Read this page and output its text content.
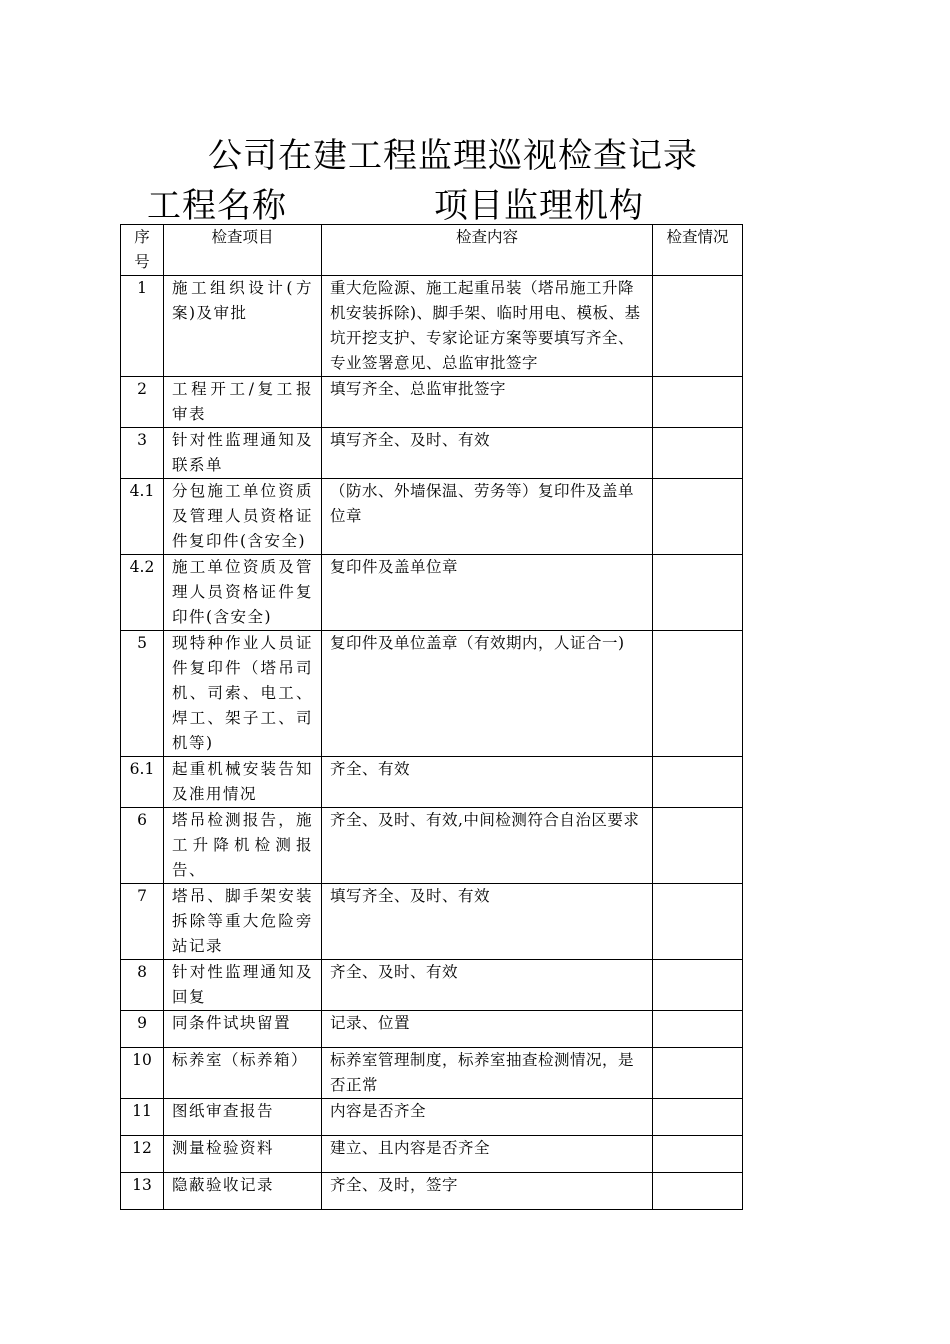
公司在建工程监理巡视检查记录
工程名称	项目监理机构
序号	检查项目	检查内容	检查情况
1	施工组织设计(方案)及审批	重大危险源、施工起重吊装（塔吊施工升降机安装拆除)、脚手架、临时用电、模板、基坑开挖支护、专家论证方案等要填写齐全、专业签署意见、总监审批签字	
2	工程开工/复工报审表	填写齐全、总监审批签字	
3	针对性监理通知及联系单	填写齐全、及时、有效	
4.1	分包施工单位资质及管理人员资格证件复印件(含安全)	（防水、外墙保温、劳务等）复印件及盖单位章	
4.2	施工单位资质及管理人员资格证件复印件(含安全)	复印件及盖单位章	
5	现特种作业人员证件复印件（塔吊司机、司索、电工、焊工、架子工、司机等)	复印件及单位盖章（有效期内，人证合一)	
6.1	起重机械安装告知及准用情况	齐全、有效	
6	塔吊检测报告，施工升降机检测报告、	齐全、及时、有效,中间检测符合自治区要求	
7	塔吊、脚手架安装拆除等重大危险旁站记录	填写齐全、及时、有效	
8	针对性监理通知及回复	齐全、及时、有效	
9	同条件试块留置	记录、位置	
10	标养室（标养箱）	标养室管理制度，标养室抽查检测情况，是否正常	
11	图纸审查报告	内容是否齐全	
12	测量检验资料	建立、且内容是否齐全	
13	隐蔽验收记录	齐全、及时，签字	
